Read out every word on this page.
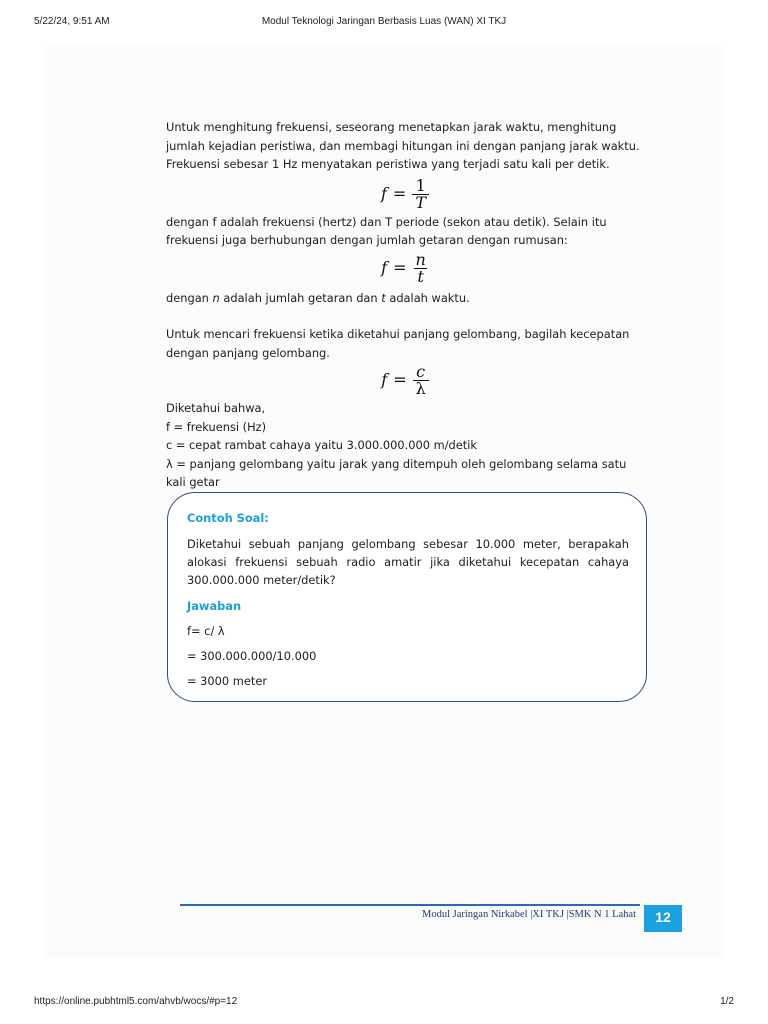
5/22/24, 9:51 AM	Modul Teknologi Jaringan Berbasis Luas (WAN) XI TKJ

Untuk menghitung frekuensi, seseorang menetapkan jarak waktu, menghitung jumlah kejadian peristiwa, dan membagi hitungan ini dengan panjang jarak waktu. Frekuensi sebesar 1 Hz menyatakan peristiwa yang terjadi satu kali per detik.

$f = \frac{1}{T}$

dengan f adalah frekuensi (hertz) dan T periode (sekon atau detik). Selain itu frekuensi juga berhubungan dengan jumlah getaran dengan rumusan:

$f = \frac{n}{t}$

dengan n adalah jumlah getaran dan t adalah waktu.

Untuk mencari frekuensi ketika diketahui panjang gelombang, bagilah kecepatan dengan panjang gelombang.

$f = \frac{c}{\lambda}$

Diketahui bahwa,

f = frekuensi (Hz)

c = cepat rambat cahaya yaitu 3.000.000.000 m/detik

λ = panjang gelombang yaitu jarak yang ditempuh oleh gelombang selama satu kali getar

Contoh Soal:
Diketahui sebuah panjang gelombang sebesar 10.000 meter, berapakah alokasi frekuensi sebuah radio amatir jika diketahui kecepatan cahaya 300.000.000 meter/detik?
Jawaban
f= c/ λ
= 300.000.000/10.000
= 3000 meter
Modul Jaringan Nirkabel |XI TKJ |SMK N 1 Lahat	12
https://online.pubhtml5.com/ahvb/wocs/#p=12	1/2
